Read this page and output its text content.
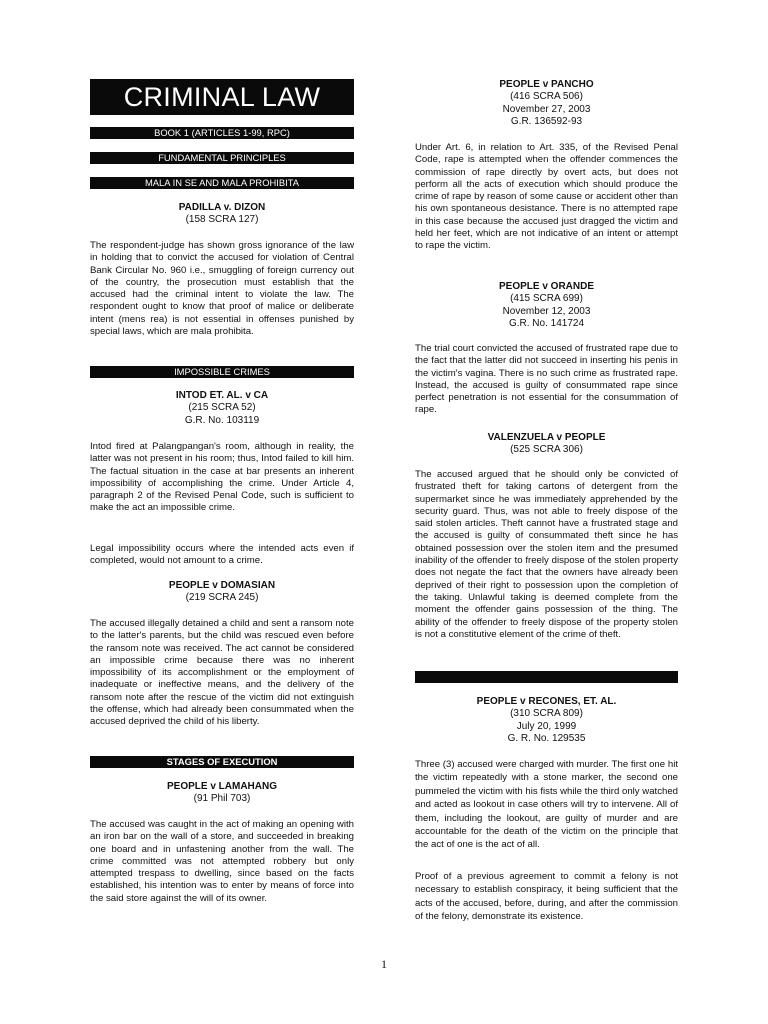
CRIMINAL LAW
BOOK 1 (ARTICLES 1-99, RPC)
FUNDAMENTAL PRINCIPLES
MALA IN SE AND MALA PROHIBITA
PADILLA v. DIZON
(158 SCRA 127)

The respondent-judge has shown gross ignorance of the law in holding that to convict the accused for violation of Central Bank Circular No. 960 i.e., smuggling of foreign currency out of the country, the prosecution must establish that the accused had the criminal intent to violate the law. The respondent ought to know that proof of malice or deliberate intent (mens rea) is not essential in offenses punished by special laws, which are mala prohibita.

IMPOSSIBLE CRIMES
INTOD ET. AL. v CA
(215 SCRA 52)
G.R. No. 103119

Intod fired at Palangpangan's room, although in reality, the latter was not present in his room; thus, Intod failed to kill him. The factual situation in the case at bar presents an inherent impossibility of accomplishing the crime. Under Article 4, paragraph 2 of the Revised Penal Code, such is sufficient to make the act an impossible crime.

Legal impossibility occurs where the intended acts even if completed, would not amount to a crime.

PEOPLE v DOMASIAN
(219 SCRA 245)

The accused illegally detained a child and sent a ransom note to the latter's parents, but the child was rescued even before the ransom note was received. The act cannot be considered an impossible crime because there was no inherent impossibility of its accomplishment or the employment of inadequate or ineffective means, and the delivery of the ransom note after the rescue of the victim did not extinguish the offense, which had already been consummated when the accused deprived the child of his liberty.

STAGES OF EXECUTION
PEOPLE v LAMAHANG
(91 Phil 703)

The accused was caught in the act of making an opening with an iron bar on the wall of a store, and succeeded in breaking one board and in unfastening another from the wall. The crime committed was not attempted robbery but only attempted trespass to dwelling, since based on the facts established, his intention was to enter by means of force into the said store against the will of its owner.

PEOPLE v PANCHO
(416 SCRA 506)
November 27, 2003
G.R. 136592-93

Under Art. 6, in relation to Art. 335, of the Revised Penal Code, rape is attempted when the offender commences the commission of rape directly by overt acts, but does not perform all the acts of execution which should produce the crime of rape by reason of some cause or accident other than his own spontaneous desistance. There is no attempted rape in this case because the accused just dragged the victim and held her feet, which are not indicative of an intent or attempt to rape the victim.

PEOPLE v ORANDE
(415 SCRA 699)
November 12, 2003
G.R. No. 141724

The trial court convicted the accused of frustrated rape due to the fact that the latter did not succeed in inserting his penis in the victim's vagina. There is no such crime as frustrated rape. Instead, the accused is guilty of consummated rape since perfect penetration is not essential for the consummation of rape.

VALENZUELA v PEOPLE
(525 SCRA 306)

The accused argued that he should only be convicted of frustrated theft for taking cartons of detergent from the supermarket since he was immediately apprehended by the security guard. Thus, was not able to freely dispose of the said stolen articles. Theft cannot have a frustrated stage and the accused is guilty of consummated theft since he has obtained possession over the stolen item and the presumed inability of the offender to freely dispose of the stolen property does not negate the fact that the owners have already been deprived of their right to possession upon the completion of the taking. Unlawful taking is deemed complete from the moment the offender gains possession of the thing. The ability of the offender to freely dispose of the property stolen is not a constitutive element of the crime of theft.

PEOPLE v RECONES, ET. AL.
(310 SCRA 809)
July 20, 1999
G. R. No. 129535

Three (3) accused were charged with murder. The first one hit the victim repeatedly with a stone marker, the second one pummeled the victim with his fists while the third only watched and acted as lookout in case others will try to intervene. All of them, including the lookout, are guilty of murder and are accountable for the death of the victim on the principle that the act of one is the act of all.

Proof of a previous agreement to commit a felony is not necessary to establish conspiracy, it being sufficient that the acts of the accused, before, during, and after the commission of the felony, demonstrate its existence.

1
